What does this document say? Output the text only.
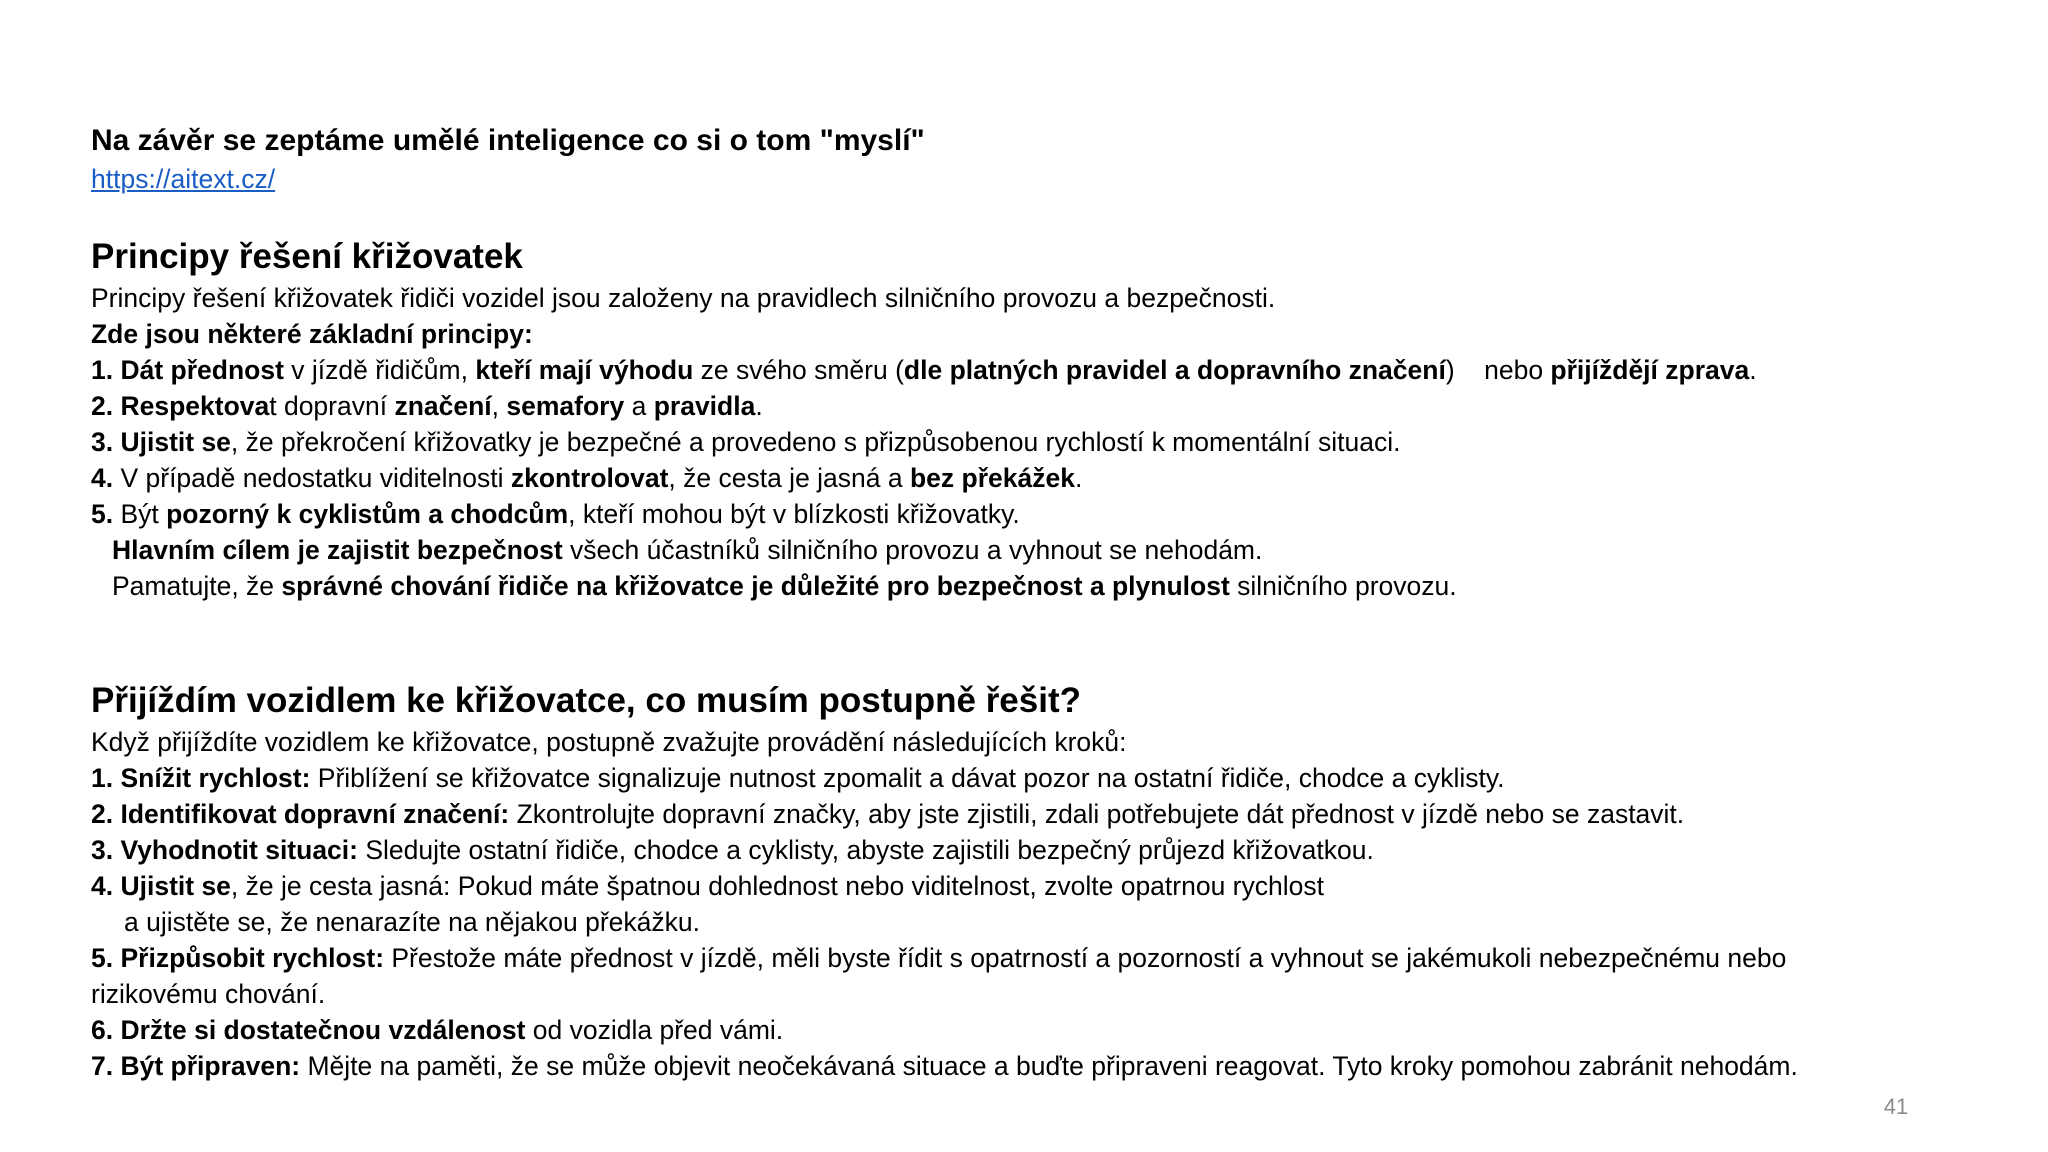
Na závěr se zeptáme umělé inteligence co si o tom "myslí"
https://aitext.cz/
Principy řešení křižovatek
Principy řešení křižovatek řidiči vozidel jsou založeny na pravidlech silničního provozu a bezpečnosti.
Zde jsou některé základní principy:
1. Dát přednost v jízdě řidičům, kteří mají výhodu ze svého směru (dle platných pravidel a dopravního značení)    nebo přijíždějí zprava.
2. Respektovat dopravní značení, semafory a pravidla.
3. Ujistit se, že překročení křižovatky je bezpečné a provedeno s přizpůsobenou rychlostí k momentální situaci.
4. V případě nedostatku viditelnosti zkontrolovat, že cesta je jasná a bez překážek.
5. Být pozorný k cyklistům a chodcům, kteří mohou být v blízkosti křižovatky.
Hlavním cílem je zajistit bezpečnost všech účastníků silničního provozu a vyhnout se nehodám.
Pamatujte, že správné chování řidiče na křižovatce je důležité pro bezpečnost a plynulost silničního provozu.
Přijíždím vozidlem ke křižovatce, co musím postupně řešit?
Když přijíždíte vozidlem ke křižovatce, postupně zvažujte provádění následujících kroků:
1. Snížit rychlost: Přiblížení se křižovatce signalizuje nutnost zpomalit a dávat pozor na ostatní řidiče, chodce a cyklisty.
2. Identifikovat dopravní značení: Zkontrolujte dopravní značky, aby jste zjistili, zdali potřebujete dát přednost v jízdě nebo se zastavit.
3. Vyhodnotit situaci: Sledujte ostatní řidiče, chodce a cyklisty, abyste zajistili bezpečný průjezd křižovatkou.
4. Ujistit se, že je cesta jasná: Pokud máte špatnou dohlednost nebo viditelnost, zvolte opatrnou rychlost
a ujistěte se, že nenarazíte na nějakou překážku.
5. Přizpůsobit rychlost: Přestože máte přednost v jízdě, měli byste řídit s opatrností a pozorností a vyhnout se jakémukoli nebezpečnému nebo
rizikovému chování.
6. Držte si dostatečnou vzdálenost od vozidla před vámi.
7. Být připraven: Mějte na paměti, že se může objevit neočekávaná situace a buďte připraveni reagovat. Tyto kroky pomohou zabránit nehodám.
41
